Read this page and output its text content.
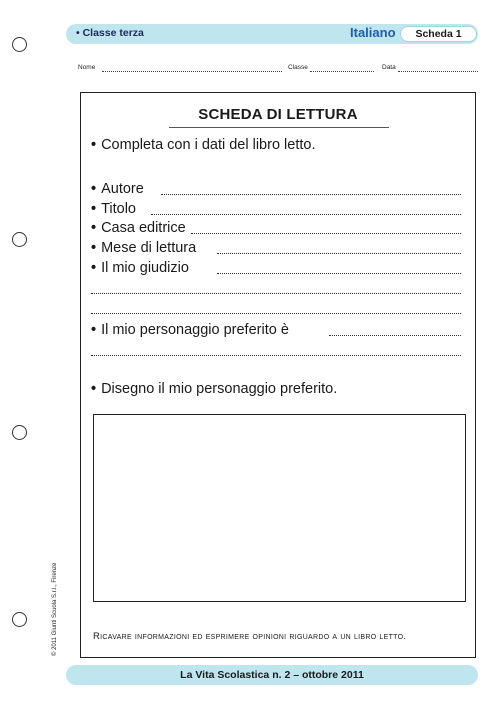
• Classe terza	Italiano	Scheda 1
Nome	Classe	Data
SCHEDA DI LETTURA
• Completa con i dati del libro letto.
• Autore
• Titolo
• Casa editrice
• Mese di lettura
• Il mio giudizio
• Il mio personaggio preferito è
• Disegno il mio personaggio preferito.
Ricavare informazioni ed esprimere opinioni riguardo a un libro letto.
© 2011 Giunti Scuola S.r.l., Firenze
La Vita Scolastica n. 2 – ottobre 2011
